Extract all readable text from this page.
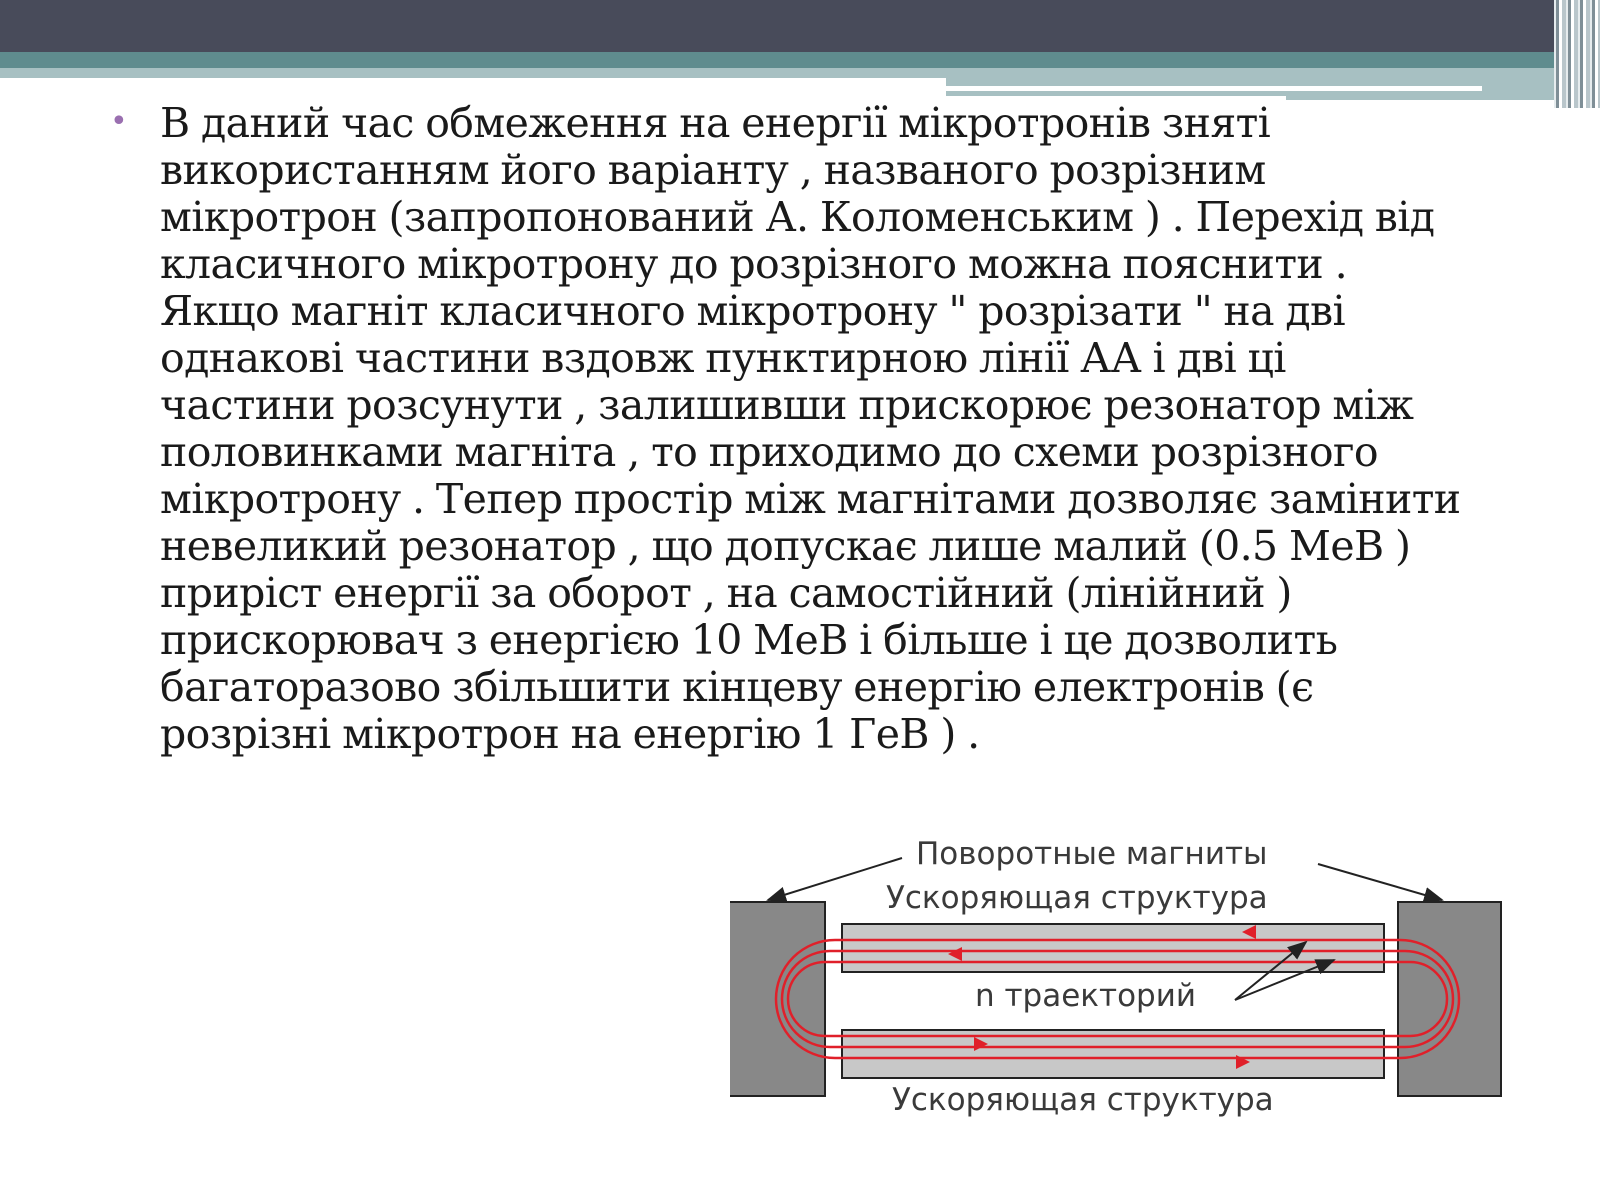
• В даний час обмеження на енергії мікротронів зняті використанням його варіанту , названого розрізним мікротрон (запропонований А. Коломенським ) . Перехід від класичного мікротрону до розрізного можна пояснити . Якщо магніт класичного мікротрону " розрізати " на дві однакові частини вздовж пунктирною лінії АА і дві ці частини розсунути , залишивши прискорює резонатор між половинками магніта , то приходимо до схеми розрізного мікротрону . Тепер простір між магнітами дозволяє замінити невеликий резонатор , що допускає лише малий (0.5 МеВ ) приріст енергії за оборот , на самостійний (лінійний ) прискорювач з енергією 10 МеВ і більше і це дозволить багаторазово збільшити кінцеву енергію електронів (є розрізні мікротрон на енергію 1 ГеВ ) .
Поворотные магниты
Ускоряющая структура
n траекторий
Ускоряющая структура
